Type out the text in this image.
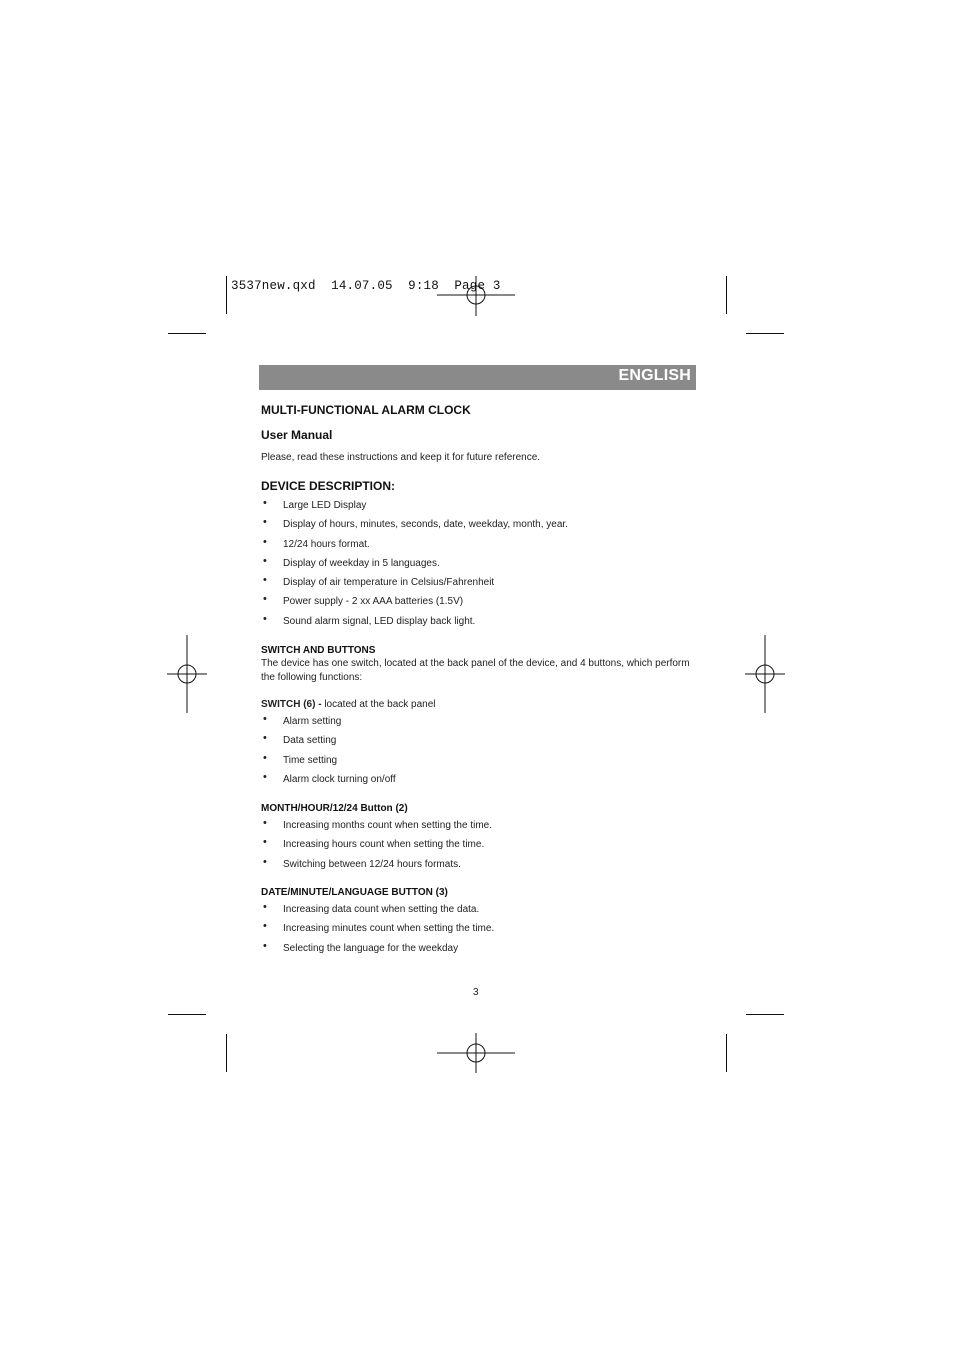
3537new.qxd  14.07.05  9:18  Page 3
ENGLISH
MULTI-FUNCTIONAL ALARM CLOCK
User Manual
Please, read these instructions and keep it for future reference.
DEVICE DESCRIPTION:
• Large LED Display
• Display of hours, minutes, seconds, date, weekday, month, year.
• 12/24 hours format.
• Display of weekday in 5 languages.
• Display of air temperature in Celsius/Fahrenheit
• Power supply - 2 xx AAA batteries (1.5V)
• Sound alarm signal, LED display back light.
SWITCH AND BUTTONS
The device has one switch, located at the back panel of the device, and 4 buttons, which perform the following functions:
SWITCH (6) - located at the back panel
• Alarm setting
• Data setting
• Time setting
• Alarm clock turning on/off
MONTH/HOUR/12/24 Button (2)
• Increasing months count when setting the time.
• Increasing hours count when setting the time.
• Switching between 12/24 hours formats.
DATE/MINUTE/LANGUAGE BUTTON (3)
• Increasing data count when setting the data.
• Increasing minutes count when setting the time.
• Selecting the language for the weekday
3
